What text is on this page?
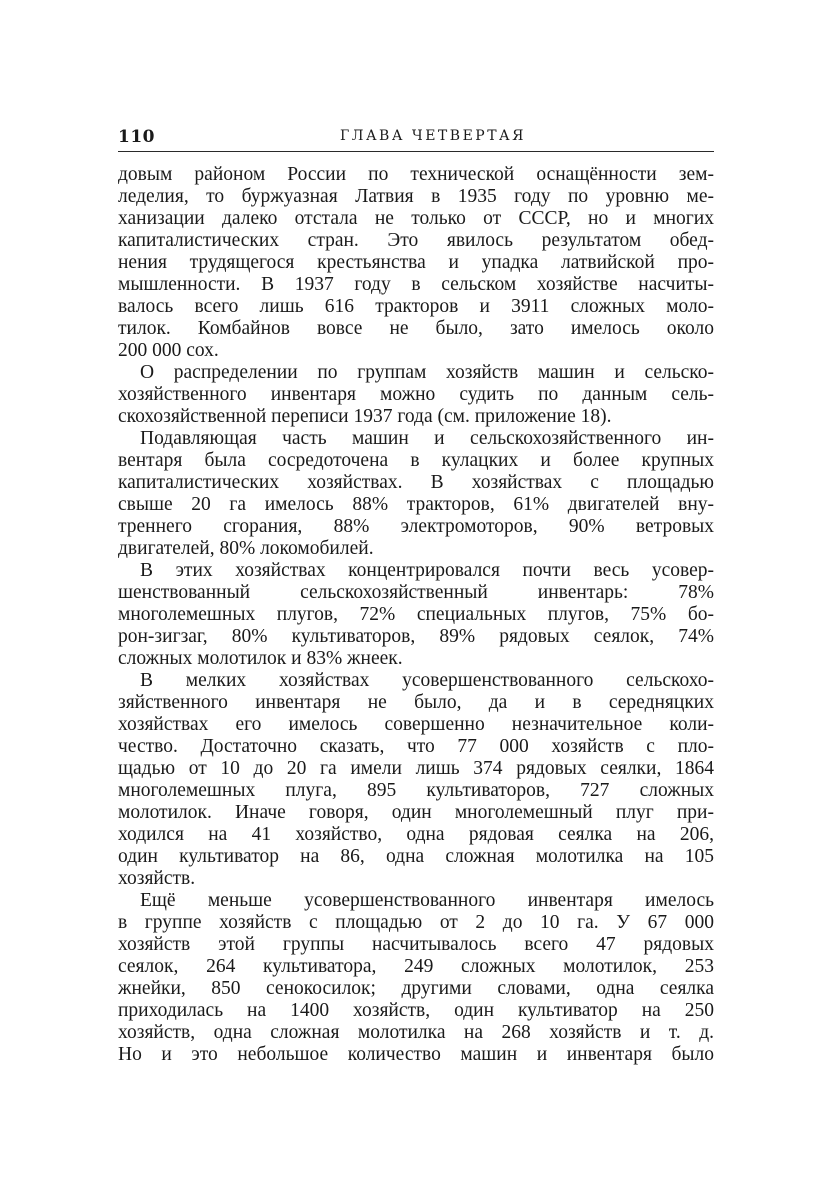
110	ГЛАВА ЧЕТВЕРТАЯ
довым районом России по технической оснащённости зем-
леделия, то буржуазная Латвия в 1935 году по уровню ме-
ханизации далеко отстала не только от СССР, но и многих
капиталистических стран. Это явилось результатом обед-
нения трудящегося крестьянства и упадка латвийской про-
мышленности. В 1937 году в сельском хозяйстве насчиты-
валось всего лишь 616 тракторов и 3911 сложных моло-
тилок. Комбайнов вовсе не было, зато имелось около
200 000 сох.
О распределении по группам хозяйств машин и сельско-
хозяйственного инвентаря можно судить по данным сель-
скохозяйственной переписи 1937 года (см. приложение 18).
Подавляющая часть машин и сельскохозяйственного ин-
вентаря была сосредоточена в кулацких и более крупных
капиталистических хозяйствах. В хозяйствах с площадью
свыше 20 га имелось 88% тракторов, 61% двигателей вну-
треннего сгорания, 88% электромоторов, 90% ветровых
двигателей, 80% локомобилей.
В этих хозяйствах концентрировался почти весь усовер-
шенствованный сельскохозяйственный инвентарь: 78%
многолемешных плугов, 72% специальных плугов, 75% бо-
рон-зигзаг, 80% культиваторов, 89% рядовых сеялок, 74%
сложных молотилок и 83% жнеек.
В мелких хозяйствах усовершенствованного сельскохо-
зяйственного инвентаря не было, да и в середняцких
хозяйствах его имелось совершенно незначительное коли-
чество. Достаточно сказать, что 77 000 хозяйств с пло-
щадью от 10 до 20 га имели лишь 374 рядовых сеялки, 1864
многолемешных плуга, 895 культиваторов, 727 сложных
молотилок. Иначе говоря, один многолемешный плуг при-
ходился на 41 хозяйство, одна рядовая сеялка на 206,
один культиватор на 86, одна сложная молотилка на 105
хозяйств.
Ещё меньше усовершенствованного инвентаря имелось
в группе хозяйств с площадью от 2 до 10 га. У 67 000
хозяйств этой группы насчитывалось всего 47 рядовых
сеялок, 264 культиватора, 249 сложных молотилок, 253
жнейки, 850 сенокосилок; другими словами, одна сеялка
приходилась на 1400 хозяйств, один культиватор на 250
хозяйств, одна сложная молотилка на 268 хозяйств и т. д.
Но и это небольшое количество машин и инвентаря было
